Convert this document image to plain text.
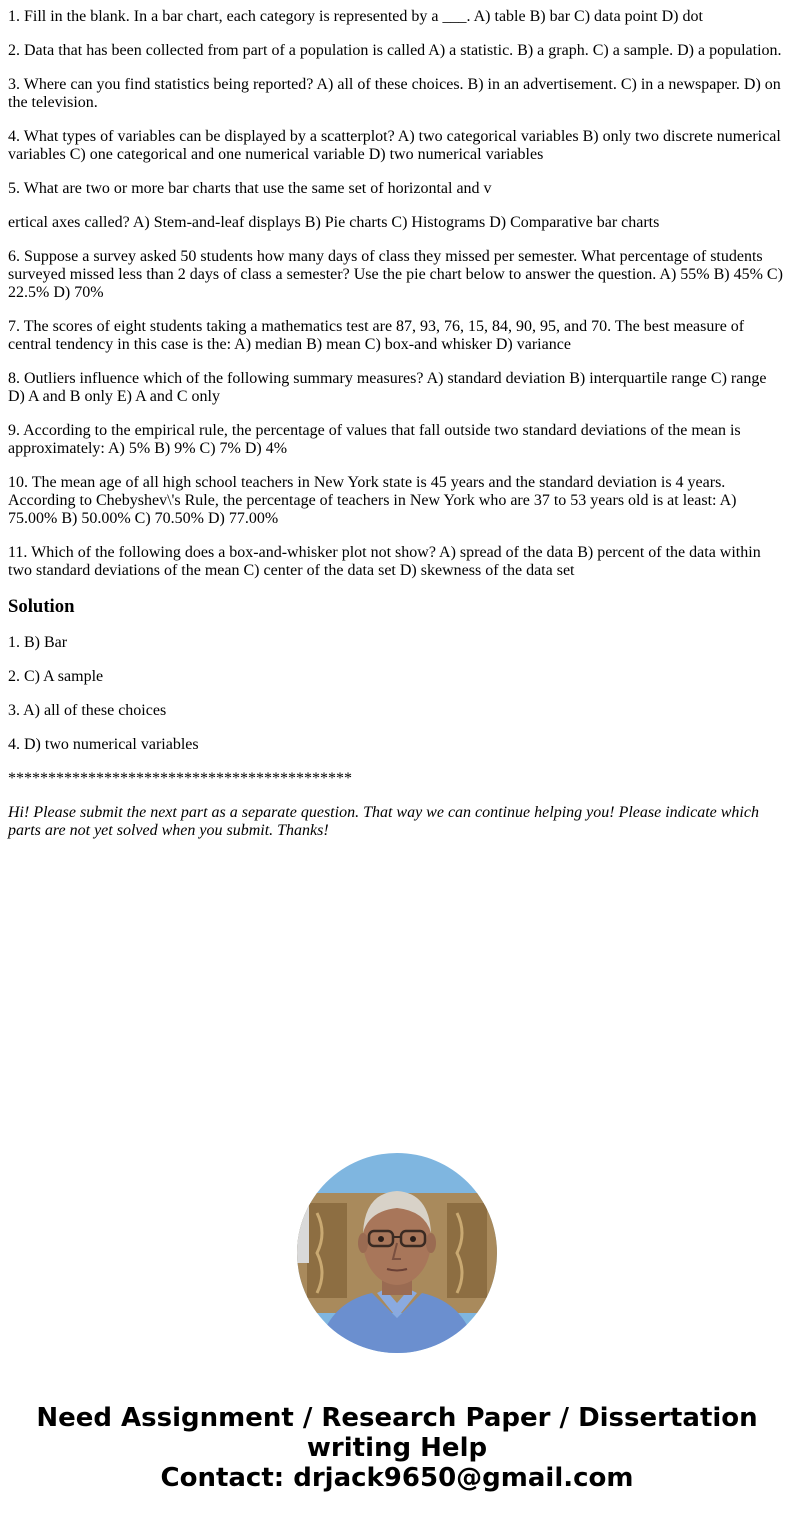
1. Fill in the blank. In a bar chart, each category is represented by a ___. A) table B) bar C) data point D) dot

2. Data that has been collected from part of a population is called A) a statistic. B) a graph. C) a sample. D) a population.

3. Where can you find statistics being reported? A) all of these choices. B) in an advertisement. C) in a newspaper. D) on the television.

4. What types of variables can be displayed by a scatterplot? A) two categorical variables B) only two discrete numerical variables C) one categorical and one numerical variable D) two numerical variables

5. What are two or more bar charts that use the same set of horizontal and v

ertical axes called? A) Stem-and-leaf displays B) Pie charts C) Histograms D) Comparative bar charts

6. Suppose a survey asked 50 students how many days of class they missed per semester. What percentage of students surveyed missed less than 2 days of class a semester? Use the pie chart below to answer the question. A) 55% B) 45% C) 22.5% D) 70%

7. The scores of eight students taking a mathematics test are 87, 93, 76, 15, 84, 90, 95, and 70. The best measure of central tendency in this case is the: A) median B) mean C) box-and whisker D) variance

8. Outliers influence which of the following summary measures? A) standard deviation B) interquartile range C) range D) A and B only E) A and C only

9. According to the empirical rule, the percentage of values that fall outside two standard deviations of the mean is approximately: A) 5% B) 9% C) 7% D) 4%

10. The mean age of all high school teachers in New York state is 45 years and the standard deviation is 4 years. According to Chebyshev\'s Rule, the percentage of teachers in New York who are 37 to 53 years old is at least: A) 75.00% B) 50.00% C) 70.50% D) 77.00%

11. Which of the following does a box-and-whisker plot not show? A) spread of the data B) percent of the data within two standard deviations of the mean C) center of the data set D) skewness of the data set

Solution

1. B) Bar

2. C) A sample

3. A) all of these choices

4. D) two numerical variables

*******************************************

Hi! Please submit the next part as a separate question. That way we can continue helping you! Please indicate which parts are not yet solved when you submit. Thanks!

Need Assignment / Research Paper / Dissertation
writing Help
Contact: drjack9650@gmail.com
